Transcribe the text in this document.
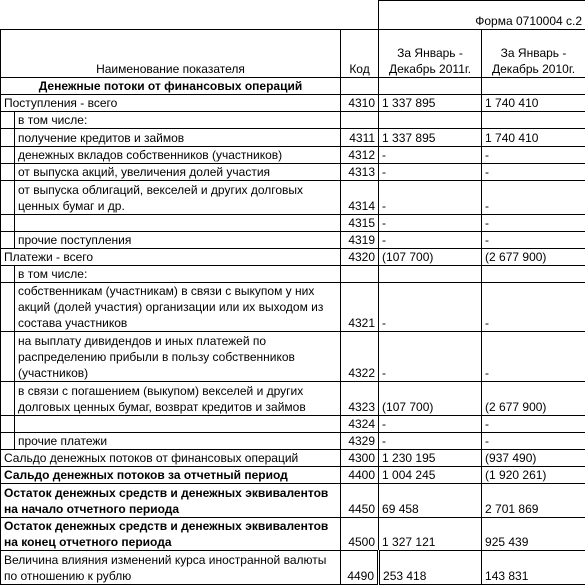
			Форма 0710004 с.2	
Наименование показателя		Код	За Январь - Декабрь 2011г.	За Январь - Декабрь 2010г.
Денежные потоки от финансовых операций				
Поступления - всего		4310	1 337 895	1 740 410
	в том числе:			
	получение кредитов и займов	4311	1 337 895	1 740 410
	денежных вкладов собственников (участников)	4312	-	-
	от выпуска акций, увеличения долей участия	4313	-	-
	от выпуска облигаций, векселей и других долговых ценных бумаг и др.	4314	-	-
		4315	-	-
	прочие поступления	4319	-	-
Платежи - всего		4320	(107 700)	(2 677 900)
	в том числе:			
	собственникам (участникам) в связи с выкупом у них акций (долей участия) организации или их выходом из состава участников	4321	-	-
	на выплату дивидендов и иных платежей по распределению прибыли в пользу собственников (участников)	4322	-	-
	в связи с погашением (выкупом) векселей и других долговых ценных бумаг, возврат кредитов и займов	4323	(107 700)	(2 677 900)
		4324	-	-
	прочие платежи	4329	-	-
Сальдо денежных потоков от финансовых операций		4300	1 230 195	(937 490)
Сальдо денежных потоков за отчетный период		4400	1 004 245	(1 920 261)
Остаток денежных средств и денежных эквивалентов на начало отчетного периода		4450	69 458	2 701 869
Остаток денежных средств и денежных эквивалентов на конец отчетного периода		4500	1 327 121	925 439
Величина влияния изменений курса иностранной валюты по отношению к рублю		4490	253 418	143 831
